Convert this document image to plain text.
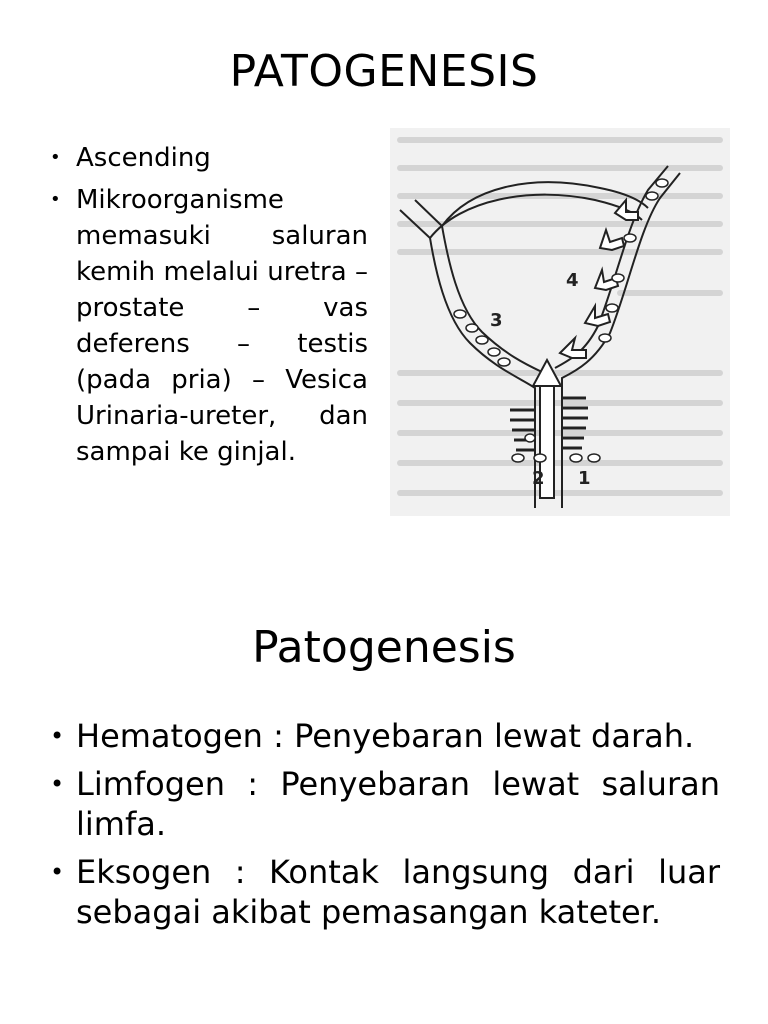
PATOGENESIS
• Ascending
• Mikroorganisme memasuki saluran kemih melalui uretra – prostate – vas deferens – testis (pada pria) – Vesica Urinaria-ureter, dan sampai ke ginjal.
1
2
3
4
Patogenesis
• Hematogen : Penyebaran lewat darah.
• Limfogen : Penyebaran lewat saluran limfa.
• Eksogen : Kontak langsung dari luar sebagai akibat pemasangan kateter.
